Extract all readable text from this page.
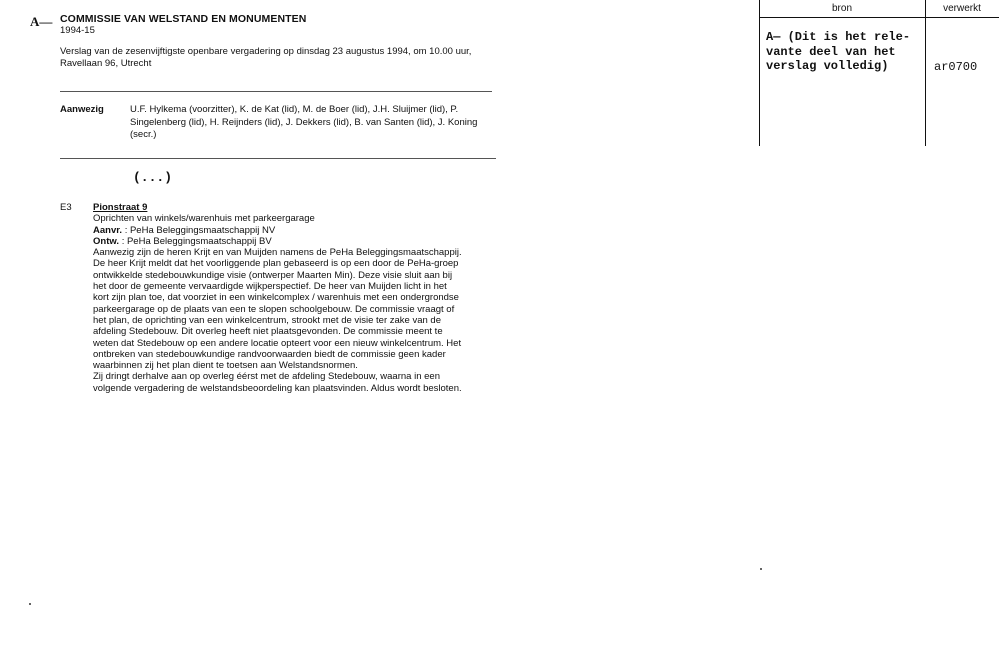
A— COMMISSIE VAN WELSTAND EN MONUMENTEN
1994-15
Verslag van de zesenvijftigste openbare vergadering op dinsdag 23 augustus 1994, om 10.00 uur, Ravellaan 96, Utrecht
Aanwezig	U.F. Hylkema (voorzitter), K. de Kat (lid), M. de Boer (lid), J.H. Sluijmer (lid), P. Singelenberg (lid), H. Reijnders (lid), J. Dekkers (lid), B. van Santen (lid), J. Koning (secr.)
(...)
E3 Pionstraat 9
Oprichten van winkels/warenhuis met parkeergarage
Aanvr. : PeHa Beleggingsmaatschappij NV
Ontw. : PeHa Beleggingsmaatschappij BV
Aanwezig zijn de heren Krijt en van Muijden namens de PeHa Beleggingsmaatschappij.
De heer Krijt meldt dat het voorliggende plan gebaseerd is op een door de PeHa-groep
ontwikkelde stedebouwkundige visie (ontwerper Maarten Min). Deze visie sluit aan bij
het door de gemeente vervaardigde wijkperspectief. De heer van Muijden licht in het
kort zijn plan toe, dat voorziet in een winkelcomplex / warenhuis met een ondergrondse
parkeergarage op de plaats van een te slopen schoolgebouw. De commissie vraagt of
het plan, de oprichting van een winkelcentrum, strookt met de visie ter zake van de
afdeling Stedebouw. Dit overleg heeft niet plaatsgevonden. De commissie meent te
weten dat Stedebouw op een andere locatie opteert voor een nieuw winkelcentrum. Het
ontbreken van stedebouwkundige randvoorwaarden biedt de commissie geen kader
waarbinnen zij het plan dient te toetsen aan Welstandsnormen.
Zij dringt derhalve aan op overleg éérst met de afdeling Stedebouw, waarna in een
volgende vergadering de welstandsbeoordeling kan plaatsvinden. Aldus wordt besloten.
bron	verwerkt
A— (Dit is het rele-
vante deel van het
verslag volledig)	ar0700
